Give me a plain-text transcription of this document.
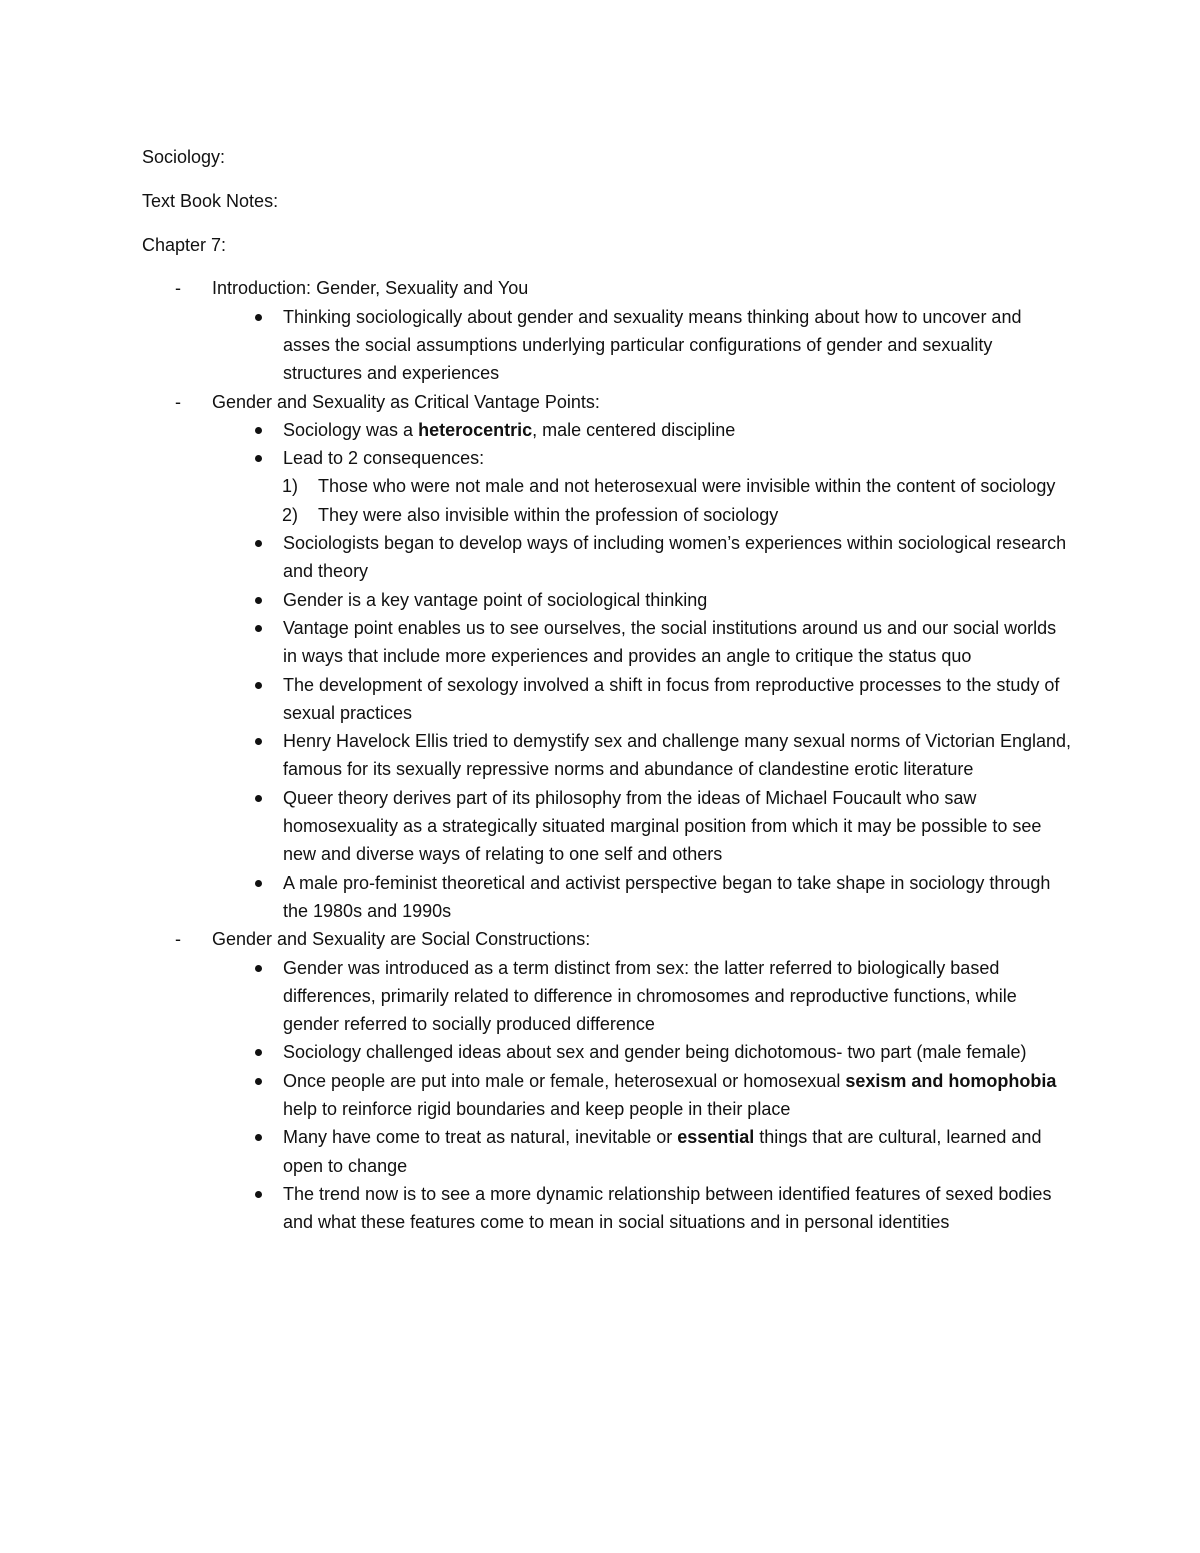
Sociology:

Text Book Notes:

Chapter 7:

- Introduction: Gender, Sexuality and You
Thinking sociologically about gender and sexuality means thinking about how to uncover and asses the social assumptions underlying particular configurations of gender and sexuality structures and experiences
- Gender and Sexuality as Critical Vantage Points:
Sociology was a heterocentric, male centered discipline
Lead to 2 consequences:
1) Those who were not male and not heterosexual were invisible within the content of sociology
2) They were also invisible within the profession of sociology
Sociologists began to develop ways of including women’s experiences within sociological research and theory
Gender is a key vantage point of sociological thinking
Vantage point enables us to see ourselves, the social institutions around us and our social worlds in ways that include more experiences and provides an angle to critique the status quo
The development of sexology involved a shift in focus from reproductive processes to the study of sexual practices
Henry Havelock Ellis tried to demystify sex and challenge many sexual norms of Victorian England, famous for its sexually repressive norms and abundance of clandestine erotic literature
Queer theory derives part of its philosophy from the ideas of Michael Foucault who saw homosexuality as a strategically situated marginal position from which it may be possible to see new and diverse ways of relating to one self and others
A male pro-feminist theoretical and activist perspective began to take shape in sociology through the 1980s and 1990s
- Gender and Sexuality are Social Constructions:
Gender was introduced as a term distinct from sex: the latter referred to biologically based differences, primarily related to difference in chromosomes and reproductive functions, while gender referred to socially produced difference
Sociology challenged ideas about sex and gender being dichotomous- two part (male female)
Once people are put into male or female, heterosexual or homosexual sexism and homophobia help to reinforce rigid boundaries and keep people in their place
Many have come to treat as natural, inevitable or essential things that are cultural, learned and open to change
The trend now is to see a more dynamic relationship between identified features of sexed bodies and what these features come to mean in social situations and in personal identities
